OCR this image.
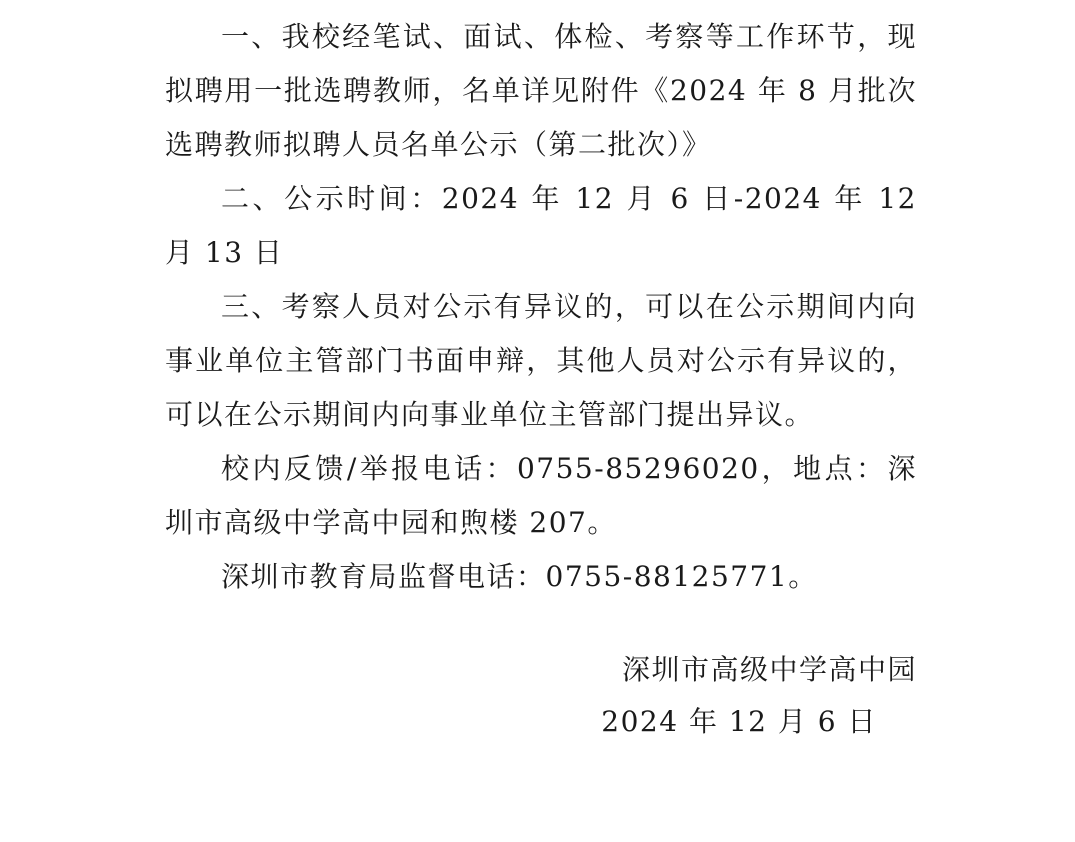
一、我校经笔试、面试、体检、考察等工作环节，现拟聘用一批选聘教师，名单详见附件《2024 年 8 月批次选聘教师拟聘人员名单公示（第二批次）》

二、公示时间：2024 年 12 月 6 日-2024 年 12 月 13 日

三、考察人员对公示有异议的，可以在公示期间内向事业单位主管部门书面申辩，其他人员对公示有异议的，可以在公示期间内向事业单位主管部门提出异议。

校内反馈/举报电话：0755-85296020，地点：深圳市高级中学高中园和煦楼 207。

深圳市教育局监督电话：0755-88125771。

深圳市高级中学高中园
2024 年 12 月 6 日
